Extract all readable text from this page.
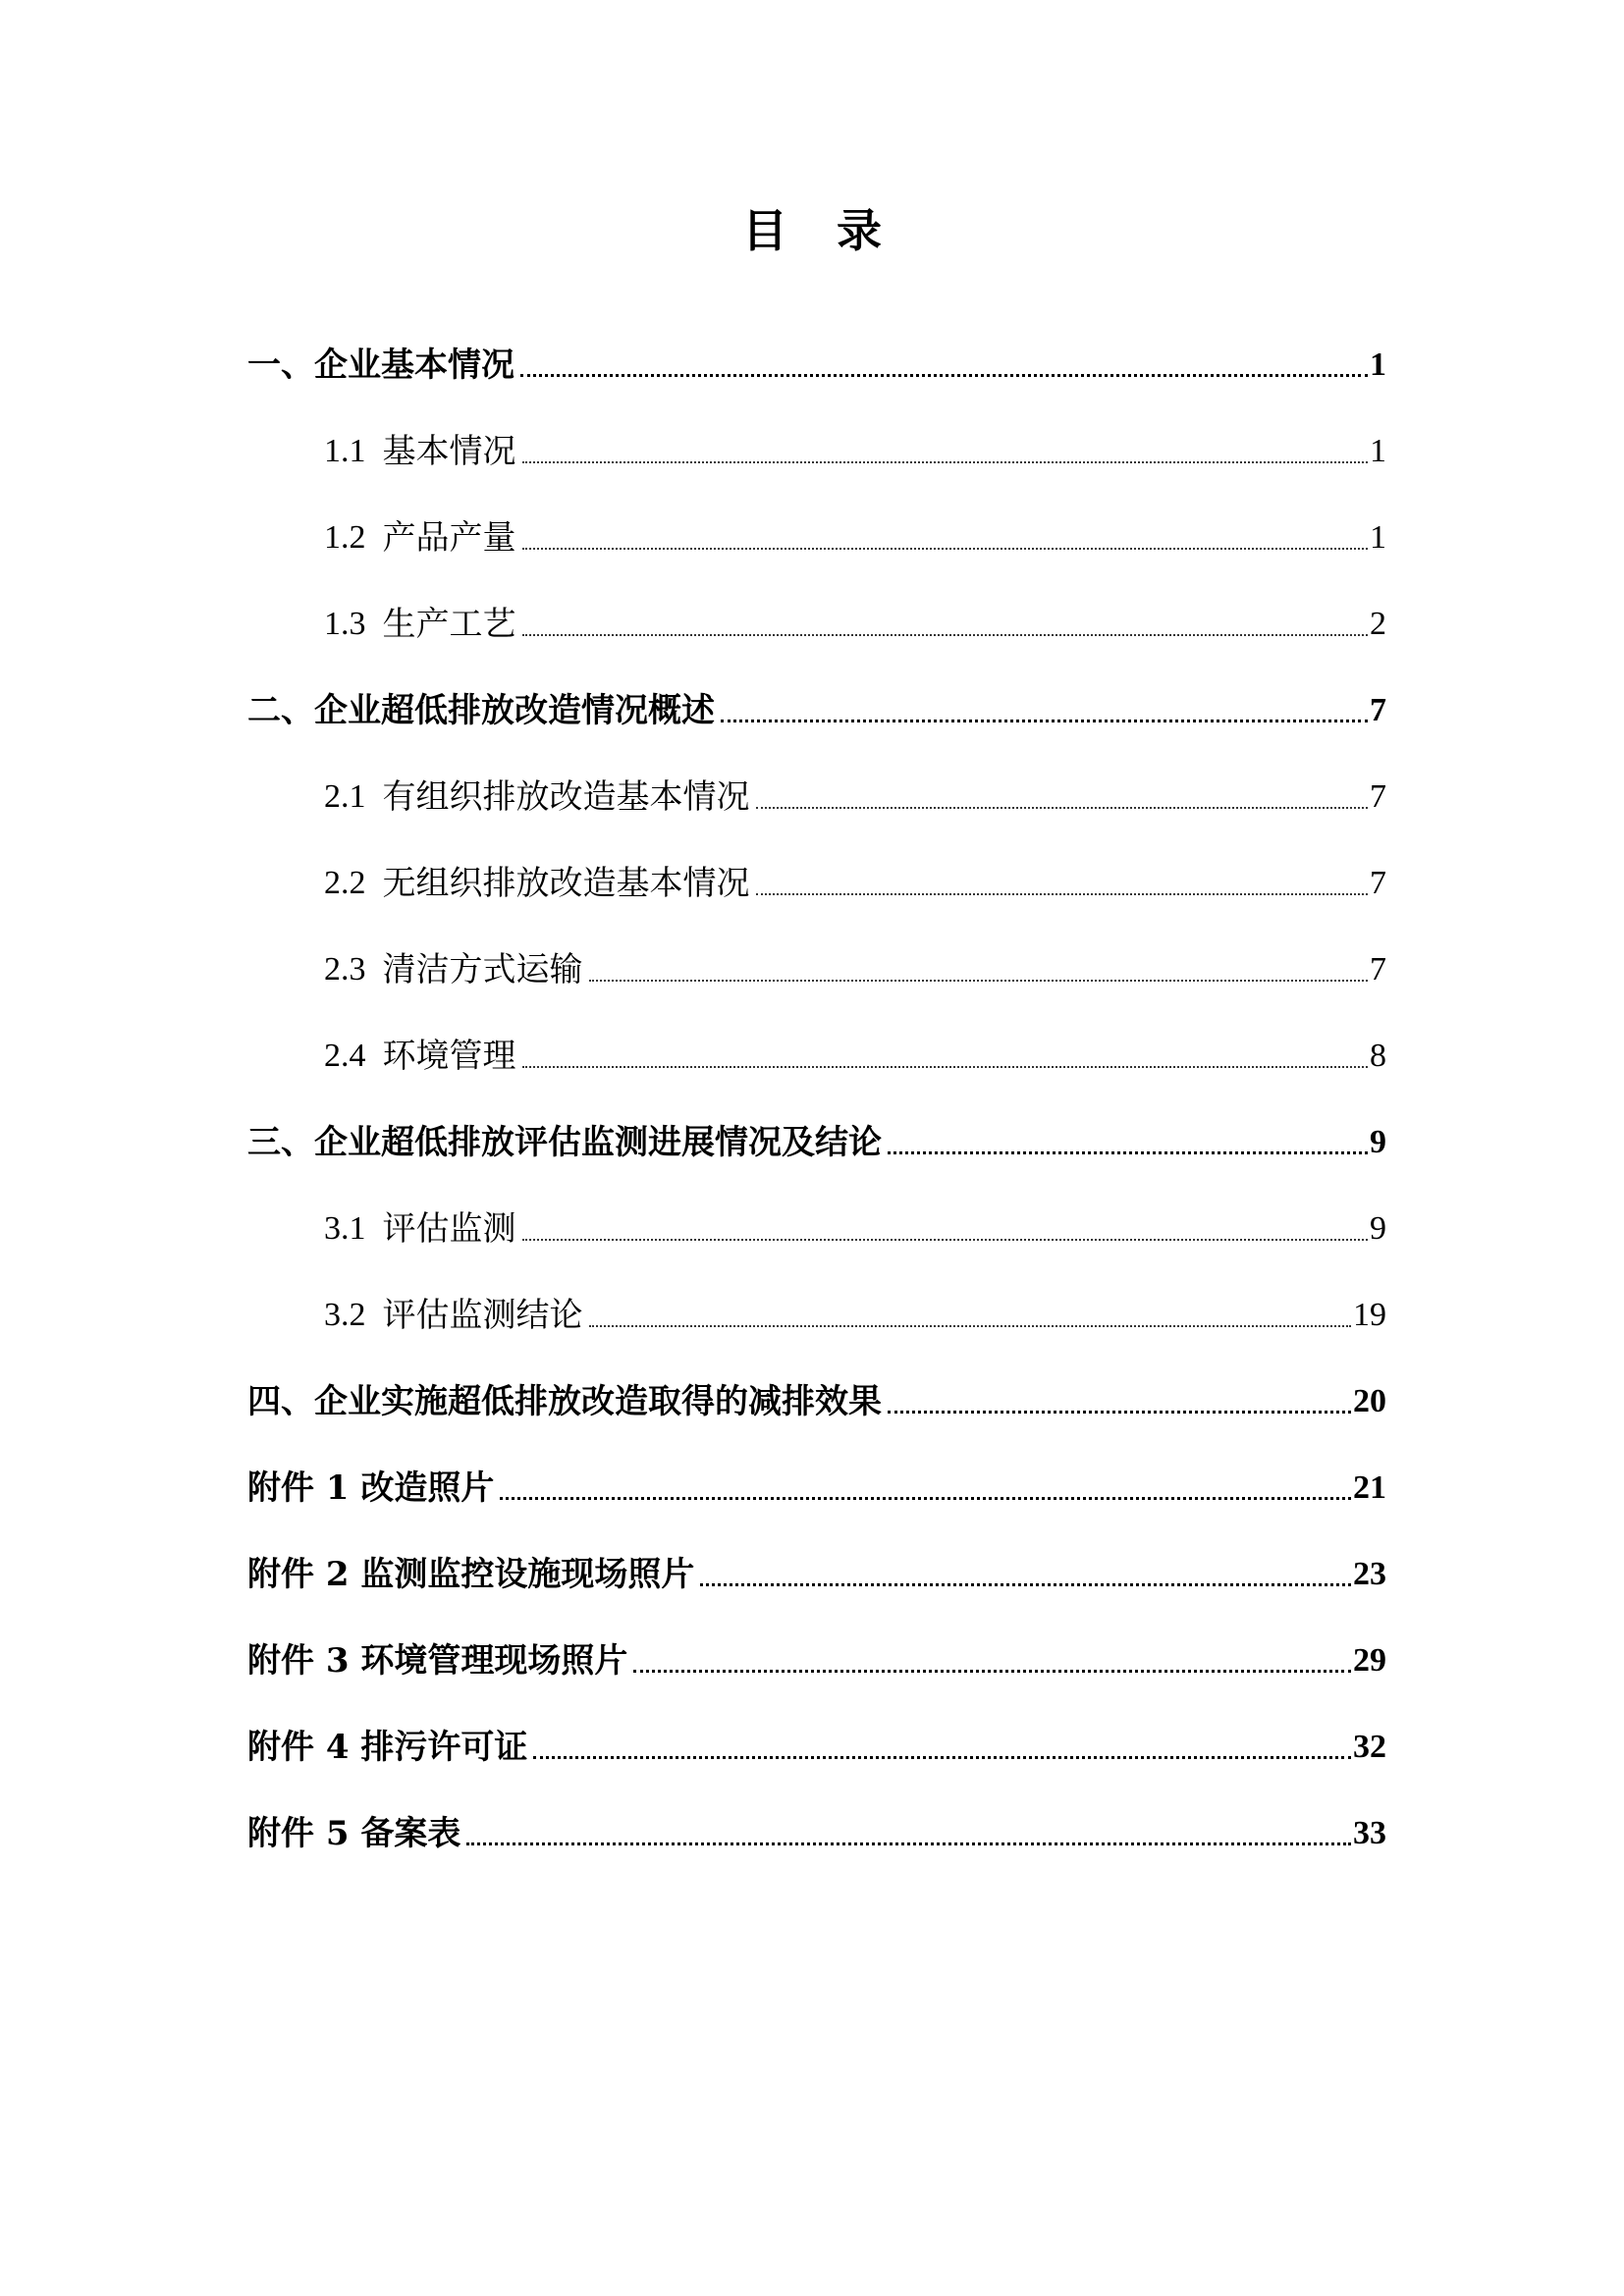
目 录
一、企业基本情况	1
1.1 基本情况	1
1.2 产品产量	1
1.3 生产工艺	2
二、企业超低排放改造情况概述	7
2.1 有组织排放改造基本情况	7
2.2 无组织排放改造基本情况	7
2.3 清洁方式运输	7
2.4 环境管理	8
三、企业超低排放评估监测进展情况及结论	9
3.1 评估监测	9
3.2 评估监测结论	19
四、企业实施超低排放改造取得的减排效果	20
附件 1 改造照片	21
附件 2 监测监控设施现场照片	23
附件 3 环境管理现场照片	29
附件 4 排污许可证	32
附件 5 备案表	33
